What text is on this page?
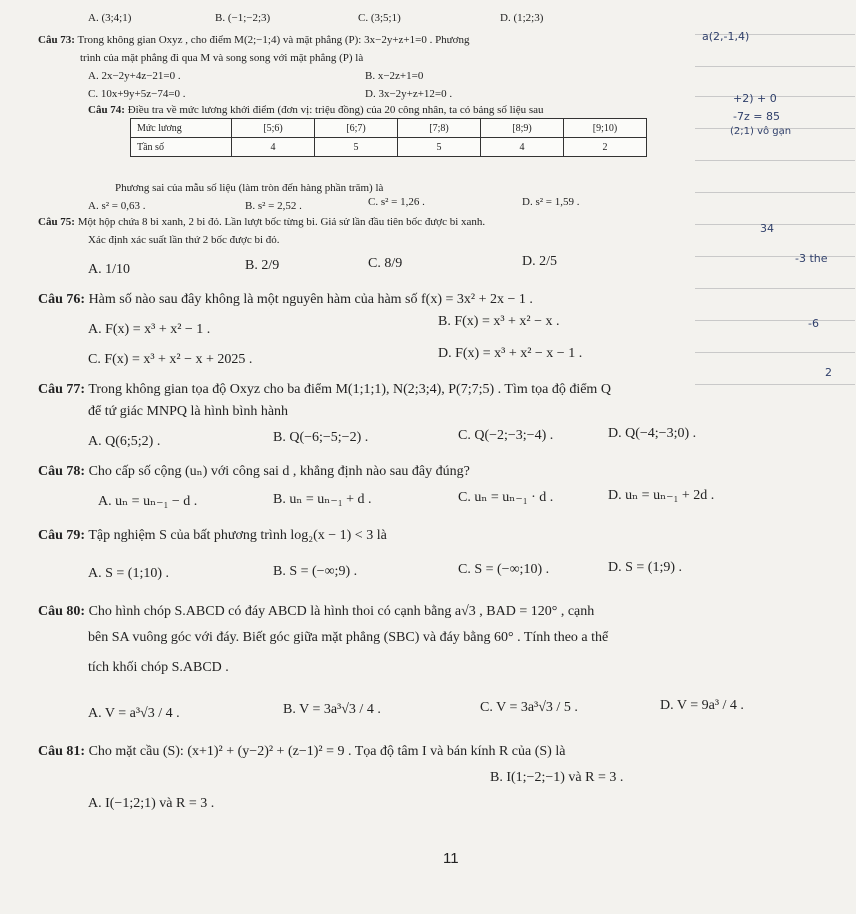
a(2,-1,4)
+2) + 0
-7z = 85
(2;1) vô gạn
34
-3 the
-6
2
A. (3;4;1)	B. (−1;−2;3)	C. (3;5;1)	D. (1;2;3)
Câu 73: Trong không gian Oxyz , cho điểm M(2;−1;4) và mặt phẳng (P): 3x−2y+z+1=0 . Phương
trình của mặt phẳng đi qua M và song song với mặt phẳng (P) là
A. 2x−2y+4z−21=0 .	B. x−2z+1=0
C. 10x+9y+5z−74=0 .	D. 3x−2y+z+12=0 .
Câu 74: Điều tra về mức lương khởi điểm (đơn vị: triệu đồng) của 20 công nhân, ta có bảng số liệu sau
Mức lương	[5;6)	[6;7)	[7;8)	[8;9)	[9;10)
Tần số	4	5	5	4	2
Phương sai của mẫu số liệu (làm tròn đến hàng phần trăm) là
A. s² = 0,63 .	B. s² = 2,52 .	C. s² = 1,26 .	D. s² = 1,59 .
Câu 75: Một hộp chứa 8 bi xanh, 2 bi đỏ. Lần lượt bốc từng bi. Giả sử lần đầu tiên bốc được bi xanh.
Xác định xác suất lần thứ 2 bốc được bi đỏ.
A. 1/10	B. 2/9	C. 8/9	D. 2/5
Câu 76: Hàm số nào sau đây không là một nguyên hàm của hàm số f(x) = 3x² + 2x − 1 .
A. F(x) = x³ + x² − 1 .
B. F(x) = x³ + x² − x .
C. F(x) = x³ + x² − x + 2025 .	D. F(x) = x³ + x² − x − 1 .
Câu 77: Trong không gian tọa độ Oxyz cho ba điểm M(1;1;1), N(2;3;4), P(7;7;5) . Tìm tọa độ điểm Q
để tứ giác MNPQ là hình bình hành
A. Q(6;5;2) .	B. Q(−6;−5;−2) .	C. Q(−2;−3;−4) .	D. Q(−4;−3;0) .
Câu 78: Cho cấp số cộng (uₙ) với công sai d , khẳng định nào sau đây đúng?
A. uₙ = uₙ₋₁ − d .	B. uₙ = uₙ₋₁ + d .	C. uₙ = uₙ₋₁ · d .	D. uₙ = uₙ₋₁ + 2d .
Câu 79: Tập nghiệm S của bất phương trình log₂(x − 1) < 3 là
A. S = (1;10) .	B. S = (−∞;9) .	C. S = (−∞;10) .	D. S = (1;9) .
Câu 80: Cho hình chóp S.ABCD có đáy ABCD là hình thoi có cạnh bằng a√3 , BAD = 120° , cạnh
bên SA vuông góc với đáy. Biết góc giữa mặt phẳng (SBC) và đáy bằng 60° . Tính theo a thể
tích khối chóp S.ABCD .
A. V = a³√3 / 4 .	B. V = 3a³√3 / 4 .	C. V = 3a³√3 / 5 .	D. V = 9a³ / 4 .
Câu 81: Cho mặt cầu (S): (x+1)² + (y−2)² + (z−1)² = 9 . Tọa độ tâm I và bán kính R của (S) là
A. I(−1;2;1) và R = 3 .
B. I(1;−2;−1) và R = 3 .
11
